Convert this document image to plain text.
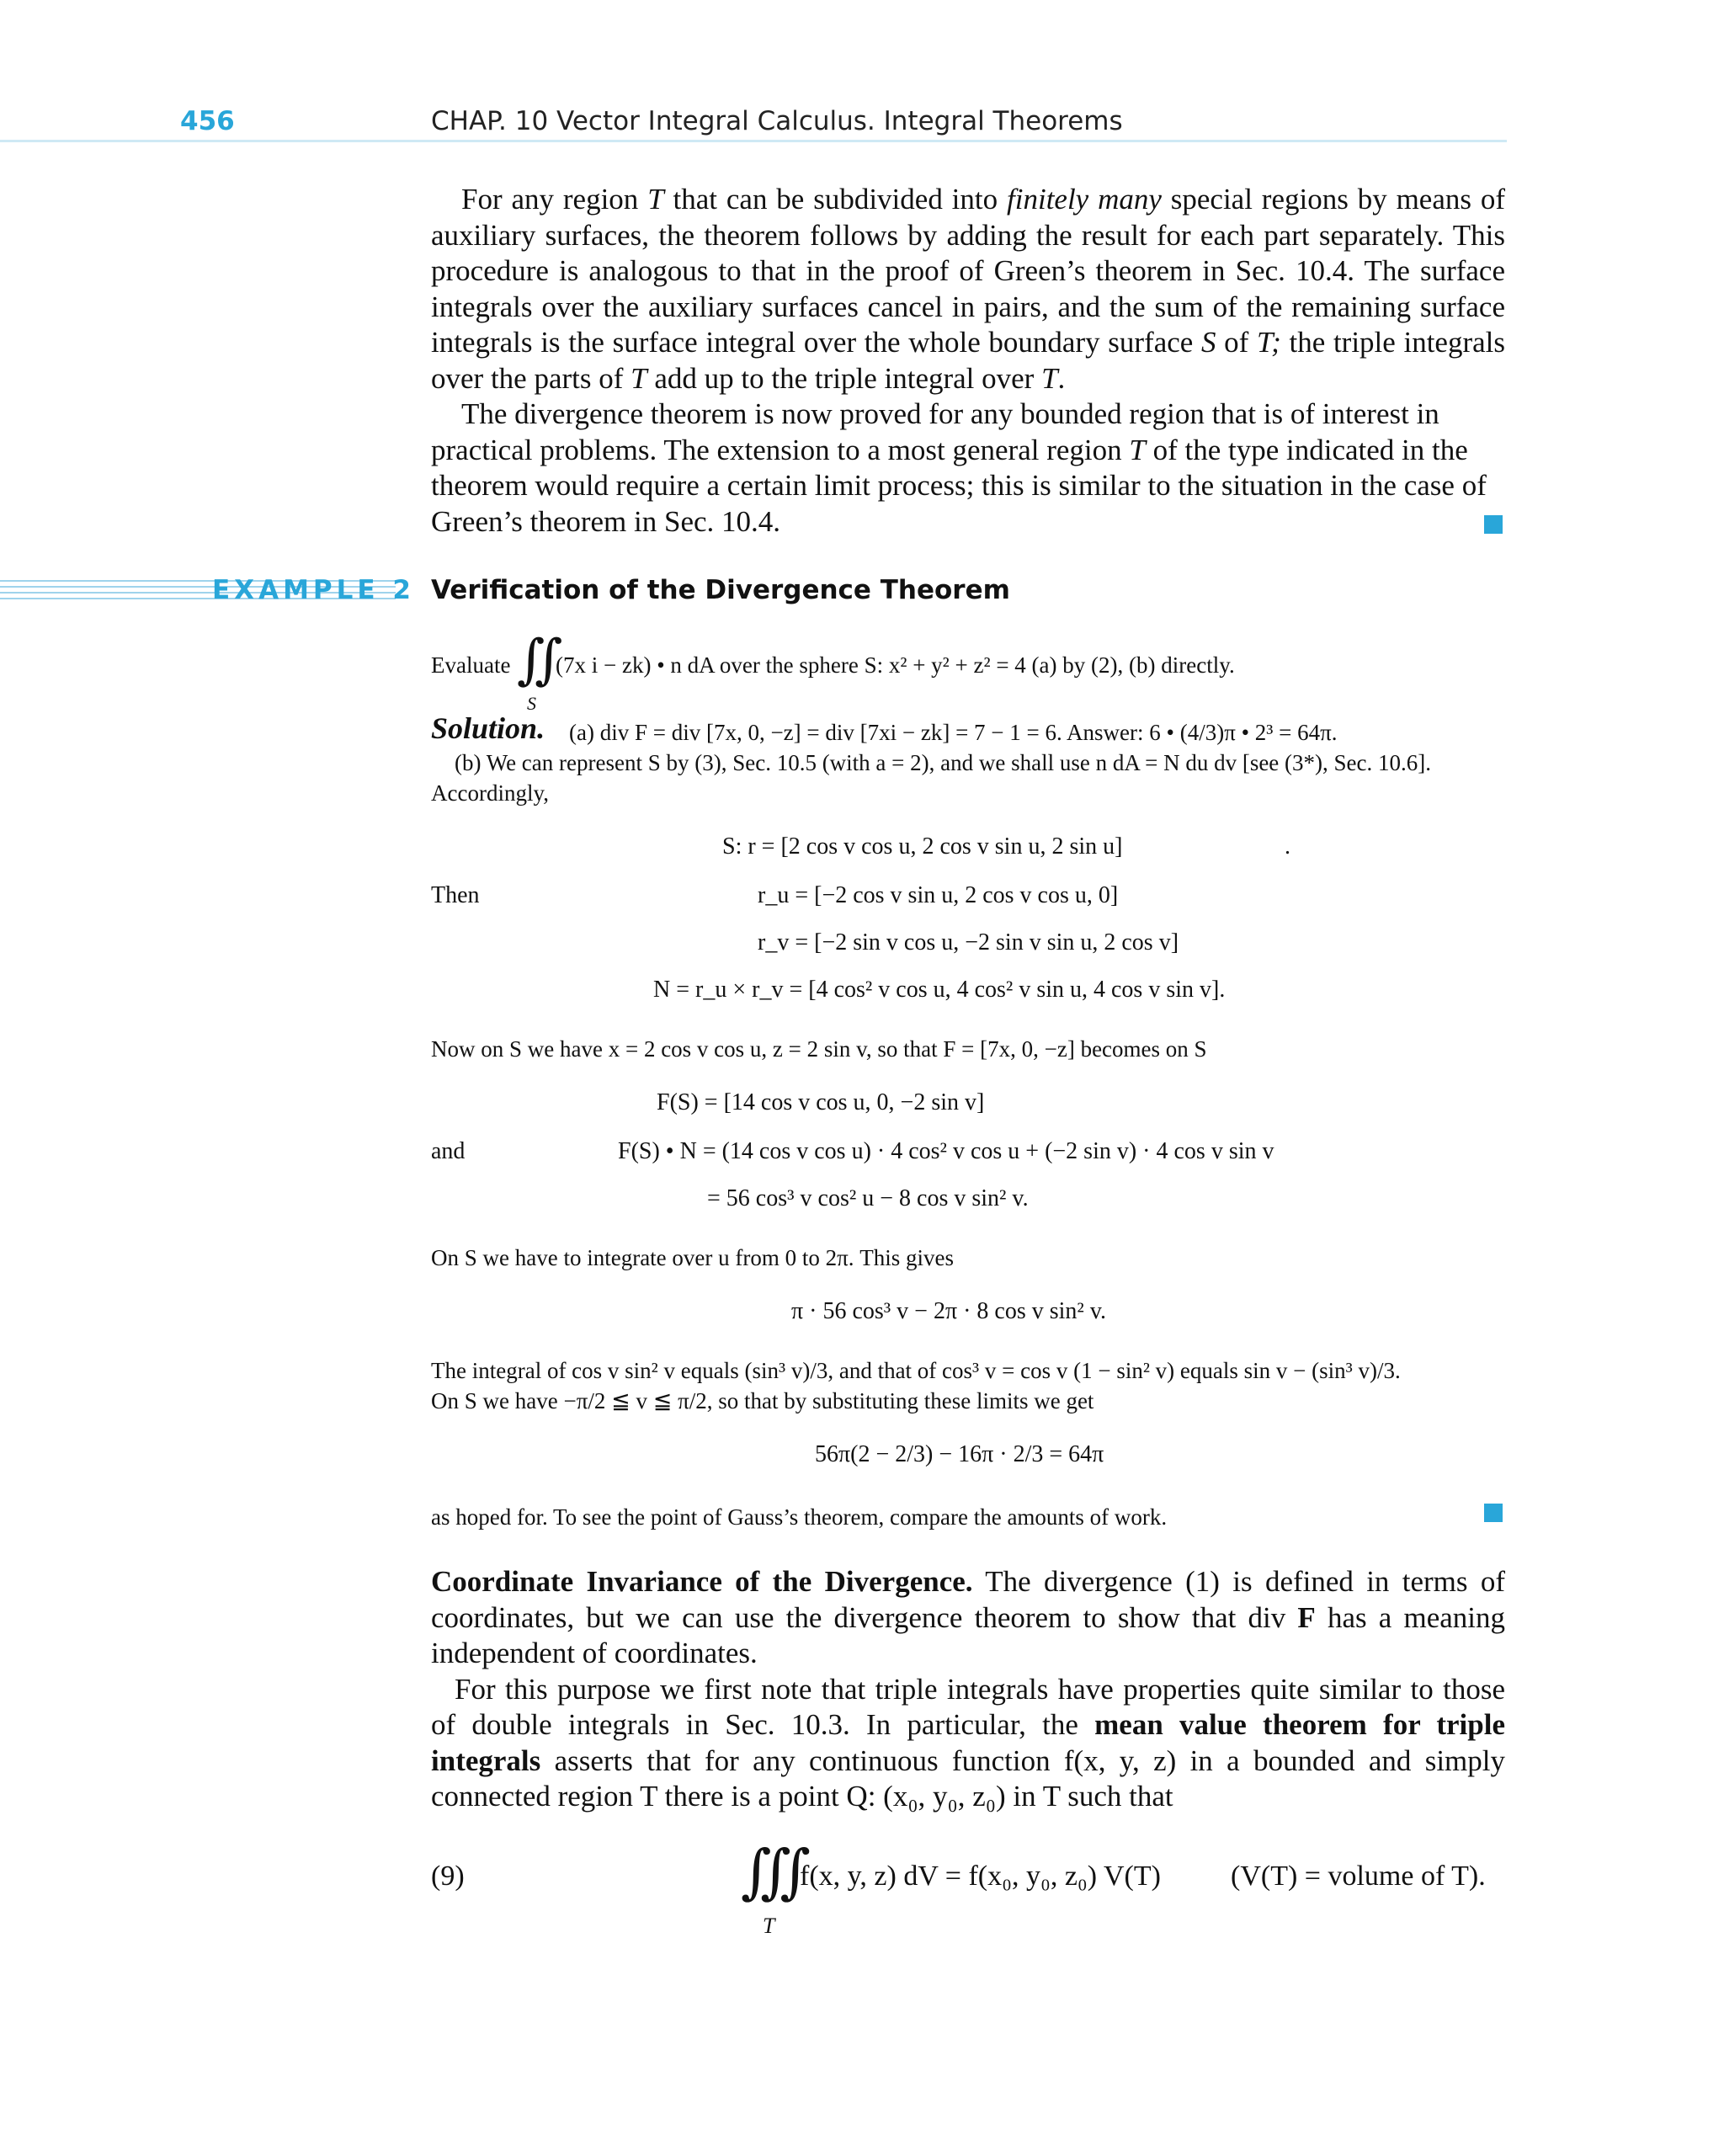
456	CHAP. 10 Vector Integral Calculus. Integral Theorems

For any region T that can be subdivided into finitely many special regions by means of auxiliary surfaces, the theorem follows by adding the result for each part separately. This procedure is analogous to that in the proof of Green’s theorem in Sec. 10.4. The surface integrals over the auxiliary surfaces cancel in pairs, and the sum of the remaining surface integrals is the surface integral over the whole boundary surface S of T; the triple integrals over the parts of T add up to the triple integral over T.

The divergence theorem is now proved for any bounded region that is of interest in practical problems. The extension to a most general region T of the type indicated in the theorem would require a certain limit process; this is similar to the situation in the case of Green’s theorem in Sec. 10.4.

EXAMPLE 2 Verification of the Divergence Theorem
Evaluate ∬
S
(7x i − zk) • n dA over the sphere S: x² + y² + z² = 4 (a) by (2), (b) directly.
Solution. (a) div F = div [7x, 0, −z] = div [7xi − zk] = 7 − 1 = 6. Answer: 6 • (4/3)π • 2³ = 64π.
(b) We can represent S by (3), Sec. 10.5 (with a = 2), and we shall use n dA = N du dv [see (3*), Sec. 10.6].
Accordingly,
S: r = [2 cos v cos u, 2 cos v sin u, 2 sin u]	.
Then	r_u = [−2 cos v sin u, 2 cos v cos u, 0]
r_v = [−2 sin v cos u, −2 sin v sin u, 2 cos v]
N = r_u × r_v = [4 cos² v cos u, 4 cos² v sin u, 4 cos v sin v].
Now on S we have x = 2 cos v cos u, z = 2 sin v, so that F = [7x, 0, −z] becomes on S
F(S) = [14 cos v cos u, 0, −2 sin v]
and	F(S) • N = (14 cos v cos u) · 4 cos² v cos u + (−2 sin v) · 4 cos v sin v
= 56 cos³ v cos² u − 8 cos v sin² v.
On S we have to integrate over u from 0 to 2π. This gives
π · 56 cos³ v − 2π · 8 cos v sin² v.
The integral of cos v sin² v equals (sin³ v)/3, and that of cos³ v = cos v (1 − sin² v) equals sin v − (sin³ v)/3.
On S we have −π/2 ≦ v ≦ π/2, so that by substituting these limits we get
56π(2 − 2/3) − 16π · 2/3 = 64π
as hoped for. To see the point of Gauss’s theorem, compare the amounts of work.

Coordinate Invariance of the Divergence. The divergence (1) is defined in terms of coordinates, but we can use the divergence theorem to show that div F has a meaning independent of coordinates.

For this purpose we first note that triple integrals have properties quite similar to those of double integrals in Sec. 10.3. In particular, the mean value theorem for triple integrals asserts that for any continuous function f(x, y, z) in a bounded and simply connected region T there is a point Q: (x₀, y₀, z₀) in T such that

(9)	∭
T
f(x, y, z) dV = f(x₀, y₀, z₀) V(T) (V(T) = volume of T).
